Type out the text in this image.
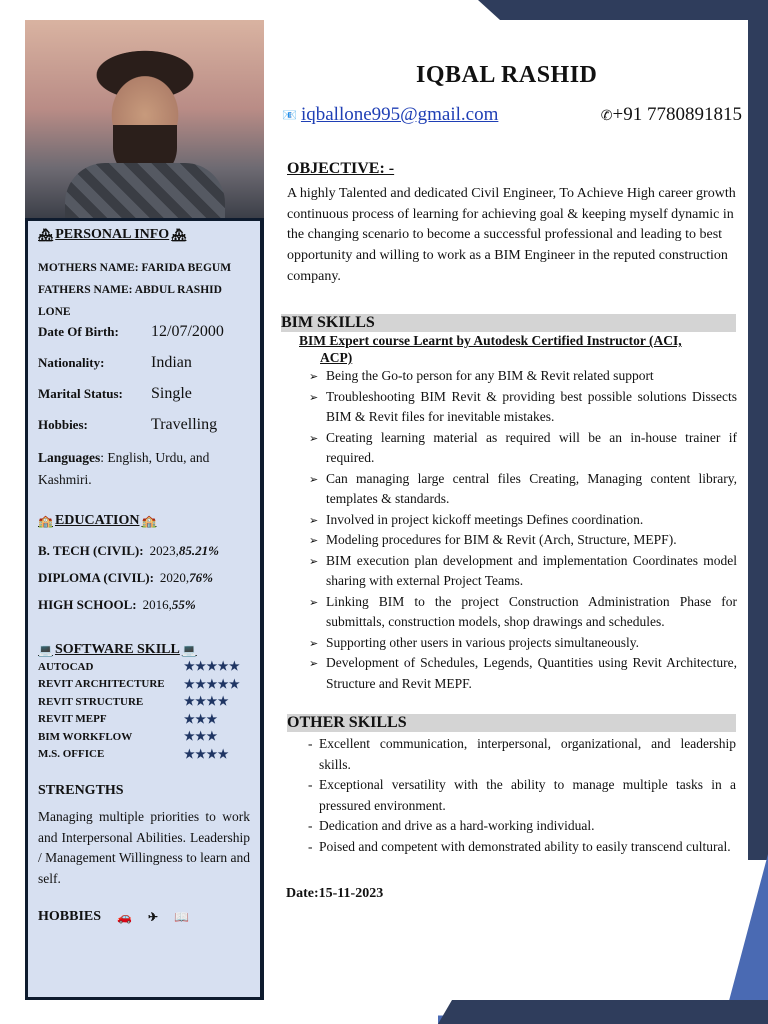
🏘 PERSONAL INFO 🏘
MOTHERS NAME: FARIDA BEGUM
FATHERS NAME: ABDUL RASHID LONE
Date Of Birth:	12/07/2000
Nationality:	Indian
Marital Status:	Single
Hobbies:	Travelling
Languages: English, Urdu, and Kashmiri.
🏫 EDUCATION 🏫
B. TECH (CIVIL): 2023, 85.21%
DIPLOMA (CIVIL): 2020, 76%
HIGH SCHOOL: 2016, 55%
💻 SOFTWARE SKILL 💻
AUTOCAD	★★★★★
REVIT ARCHITECTURE	★★★★★
REVIT STRUCTURE	★★★★
REVIT MEPF	★★★
BIM WORKFLOW	★★★
M.S. OFFICE	★★★★
STRENGTHS
Managing multiple priorities to work and Interpersonal Abilities. Leadership / Management Willingness to learn and self.
HOBBIES 🚗 ✈ 📖
IQBAL RASHID
📧 iqballone995@gmail.com	✆+91 7780891815
OBJECTIVE: -
A highly Talented and dedicated Civil Engineer, To Achieve High career growth continuous process of learning for achieving goal & keeping myself dynamic in the changing scenario to become a successful professional and leading to best opportunity and willing to work as a BIM Engineer in the reputed construction company.
BIM SKILLS
BIM Expert course Learnt by Autodesk Certified Instructor (ACI,
ACP)
➢ Being the Go-to person for any BIM & Revit related support
➢ Troubleshooting BIM Revit & providing best possible solutions Dissects BIM & Revit files for inevitable mistakes.
➢ Creating learning material as required will be an in-house trainer if required.
➢ Can managing large central files Creating, Managing content library, templates & standards.
➢ Involved in project kickoff meetings Defines coordination.
➢ Modeling procedures for BIM & Revit (Arch, Structure, MEPF).
➢ BIM execution plan development and implementation Coordinates model sharing with external Project Teams.
➢ Linking BIM to the project Construction Administration Phase for submittals, construction models, shop drawings and schedules.
➢ Supporting other users in various projects simultaneously.
➢ Development of Schedules, Legends, Quantities using Revit Architecture, Structure and Revit MEPF.
OTHER SKILLS
- Excellent communication, interpersonal, organizational, and leadership skills.
- Exceptional versatility with the ability to manage multiple tasks in a pressured environment.
- Dedication and drive as a hard-working individual.
- Poised and competent with demonstrated ability to easily transcend cultural.
Date:15-11-2023
